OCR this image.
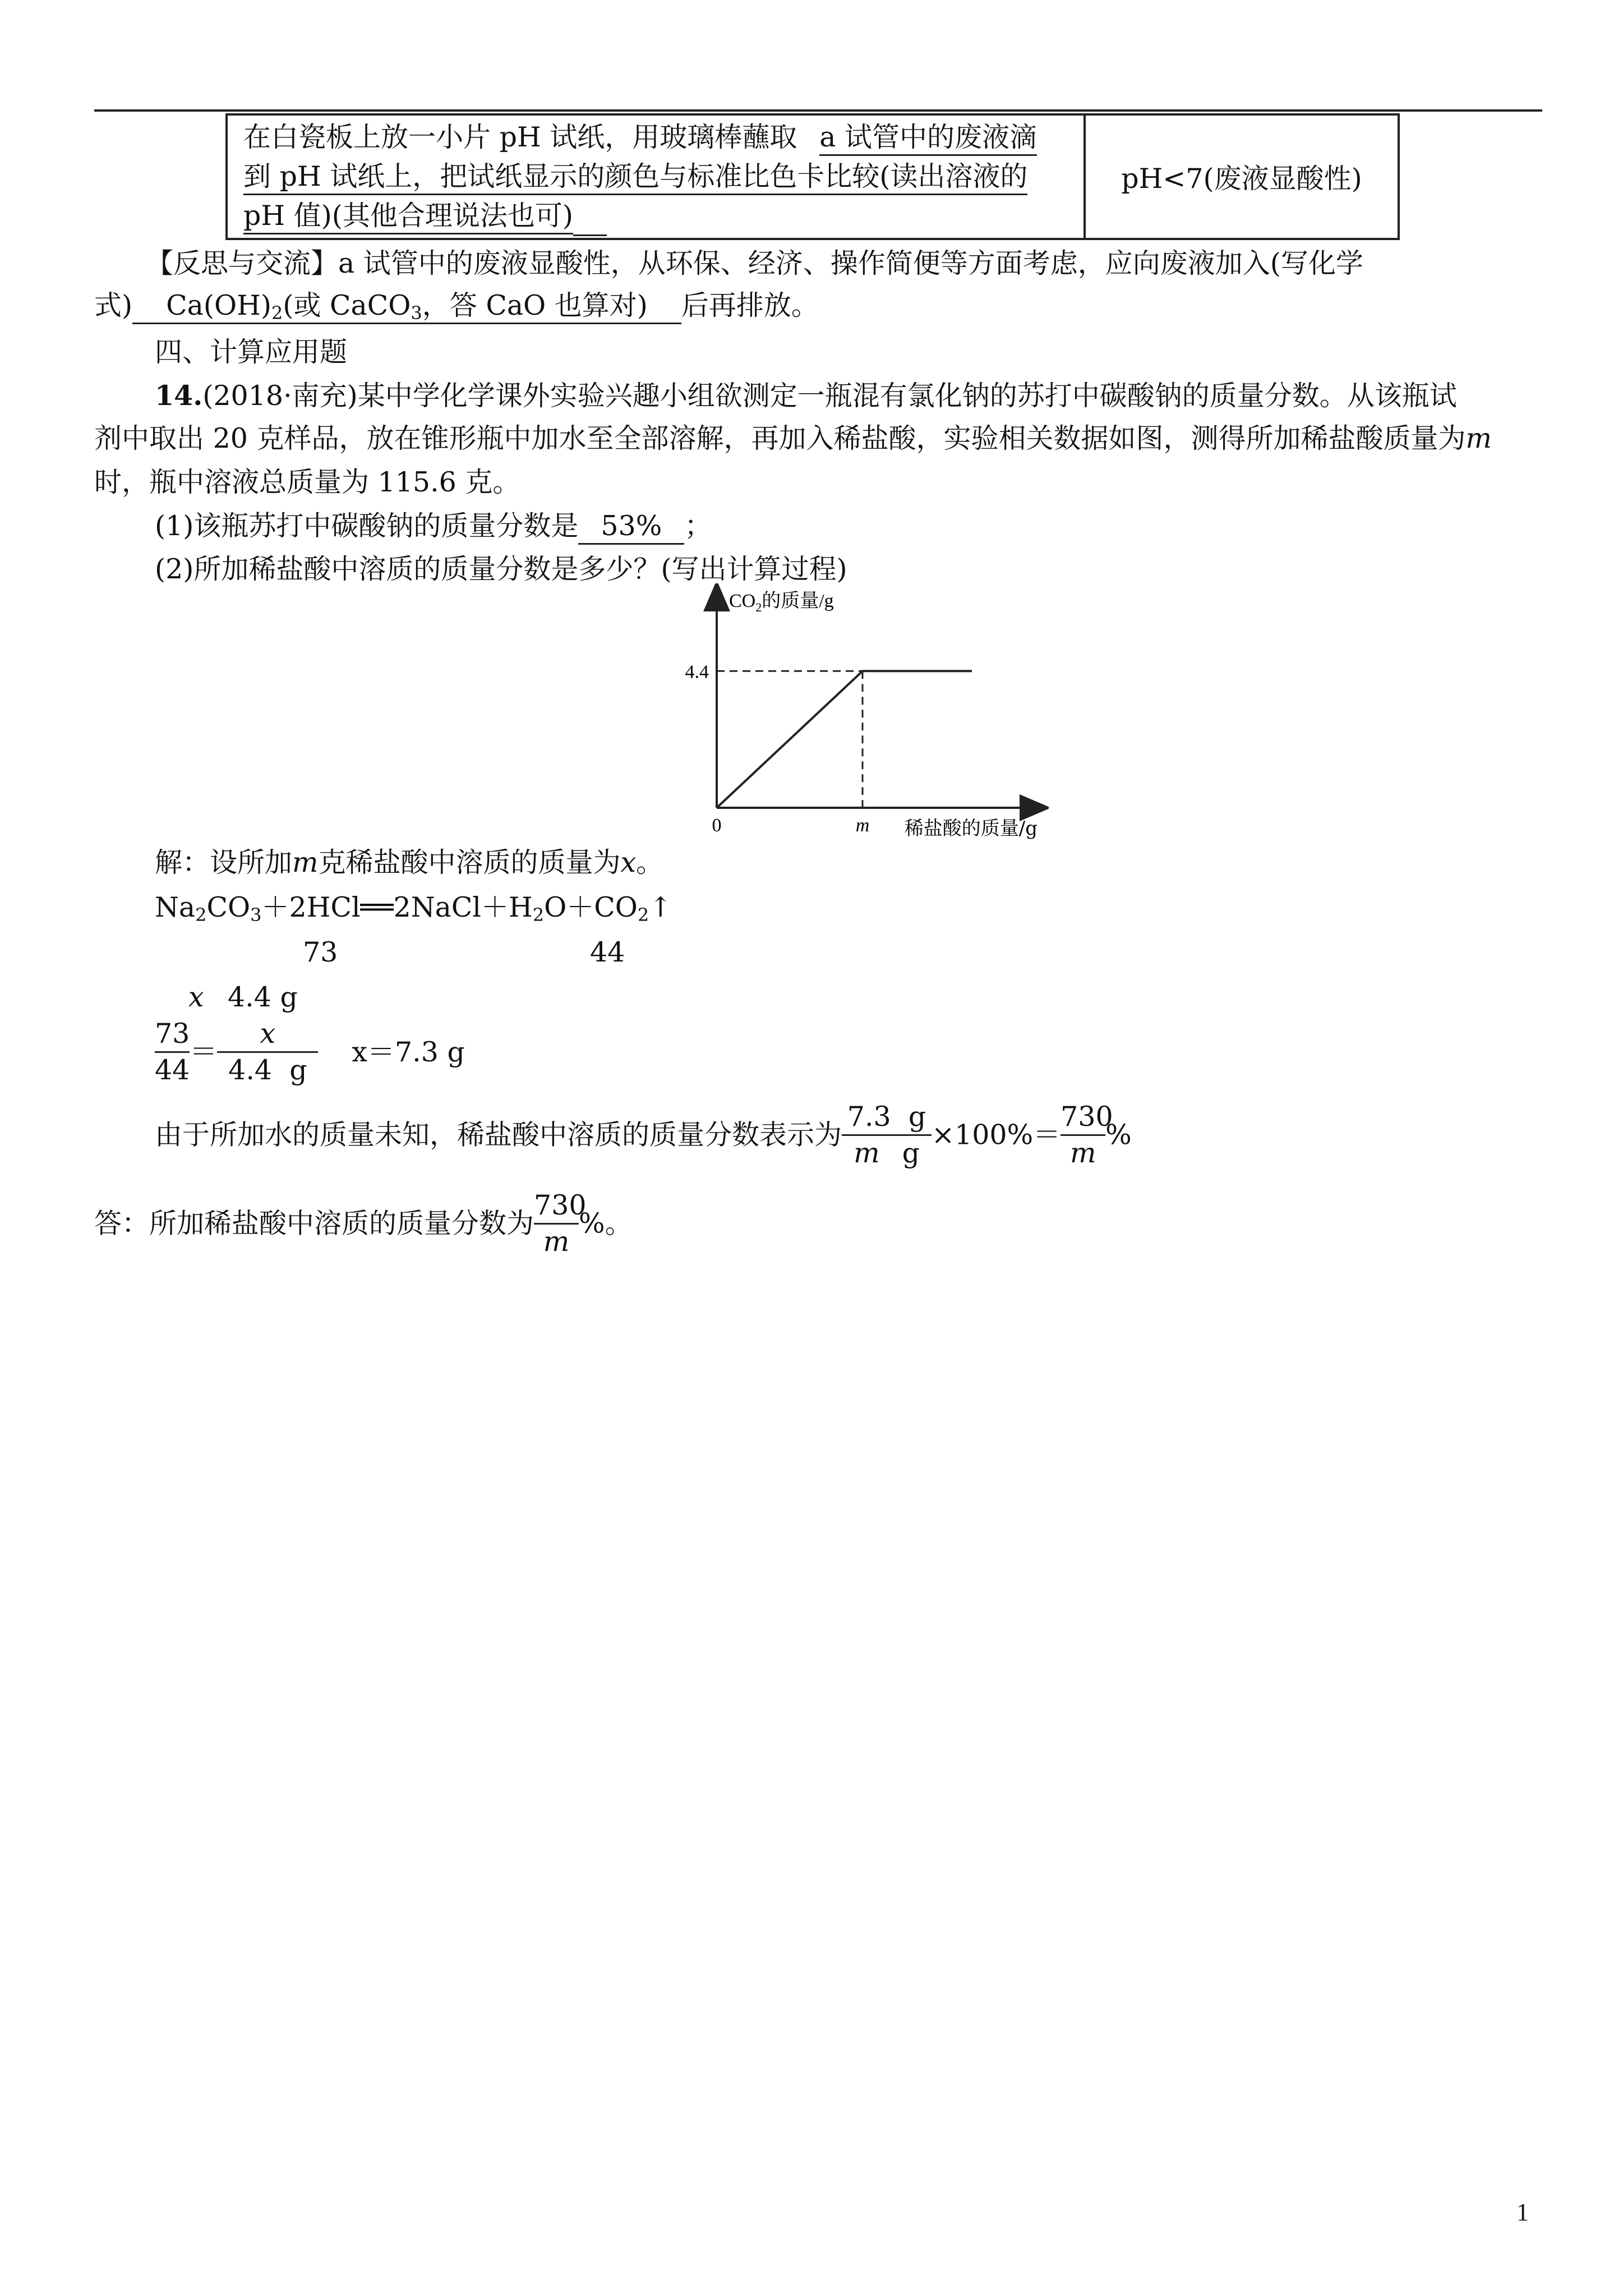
在白瓷板上放一小片 pH 试纸，用玻璃棒蘸取 a 试管中的废液滴
到 pH 试纸上，把试纸显示的颜色与标准比色卡比较(读出溶液的
pH 值)(其他合理说法也可)
	pH<7(废液显酸性)
【反思与交流】a 试管中的废液显酸性，从环保、经济、操作简便等方面考虑，应向废液加入(写化学
式) $Ca(OH)_2$(或 CaCO$_3$，答 CaO 也算对) 后再排放。
四、计算应用题
14.(2018·南充)某中学化学课外实验兴趣小组欲测定一瓶混有氯化钠的苏打中碳酸钠的质量分数。从该瓶试
剂中取出 20 克样品，放在锥形瓶中加水至全部溶解，再加入稀盐酸，实验相关数据如图，测得所加稀盐酸质量为m
时，瓶中溶液总质量为 115.6 克。
(1)该瓶苏打中碳酸钠的质量分数是 53% ；
(2)所加稀盐酸中溶质的质量分数是多少？(写出计算过程)
4.4
m
0
$CO_2$的质量/g
稀盐酸的质量/g
解：设所加m克稀盐酸中溶质的质量为x。
$Na_2CO_3+2HCl══2NaCl+H_2O+CO_2↑$
73	44
x 4.4 g
$\frac{73}{44} = \frac{x}{4.4 g} x=7.3$ g
由于所加水的质量未知，稀盐酸中溶质的质量分数表示为 $\frac{7.3 g}{\text{m g}} \times 100\%= \frac{730}{m}$ %
答：所加稀盐酸中溶质的质量分数为 $\frac{730}{m}$ %。
1
